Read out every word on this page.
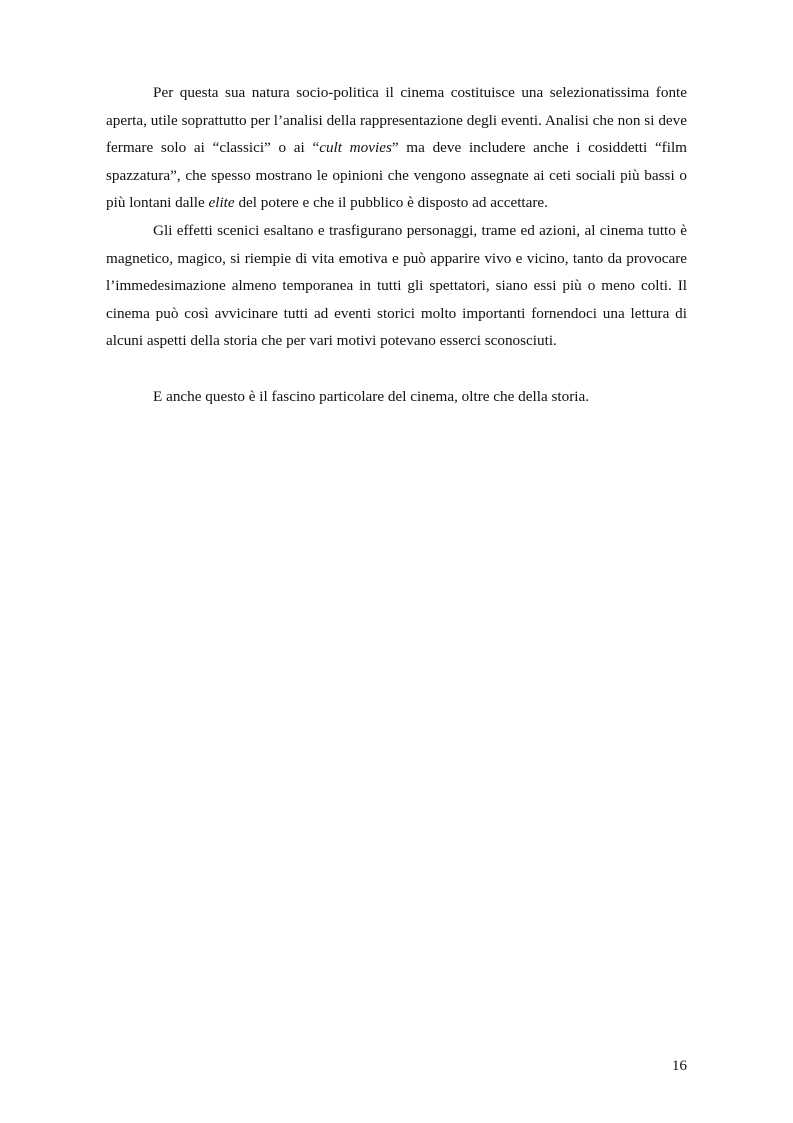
Per questa sua natura socio-politica il cinema costituisce una selezionatissima fonte aperta, utile soprattutto per l’analisi della rappresentazione degli eventi. Analisi che non si deve fermare solo ai “classici” o ai “cult movies” ma deve includere anche i cosiddetti “film spazzatura”, che spesso mostrano le opinioni che vengono assegnate ai ceti sociali più bassi o più lontani dalle elite del potere e che il pubblico è disposto ad accettare.

Gli effetti scenici esaltano e trasfigurano personaggi, trame ed azioni, al cinema tutto è magnetico, magico, si riempie di vita emotiva e può apparire vivo e vicino, tanto da provocare l’immedesimazione almeno temporanea in tutti gli spettatori, siano essi più o meno colti. Il cinema può così avvicinare tutti ad eventi storici molto importanti fornendoci una lettura di alcuni aspetti della storia che per vari motivi potevano esserci sconosciuti.

E anche questo è il fascino particolare del cinema, oltre che della storia.

16
